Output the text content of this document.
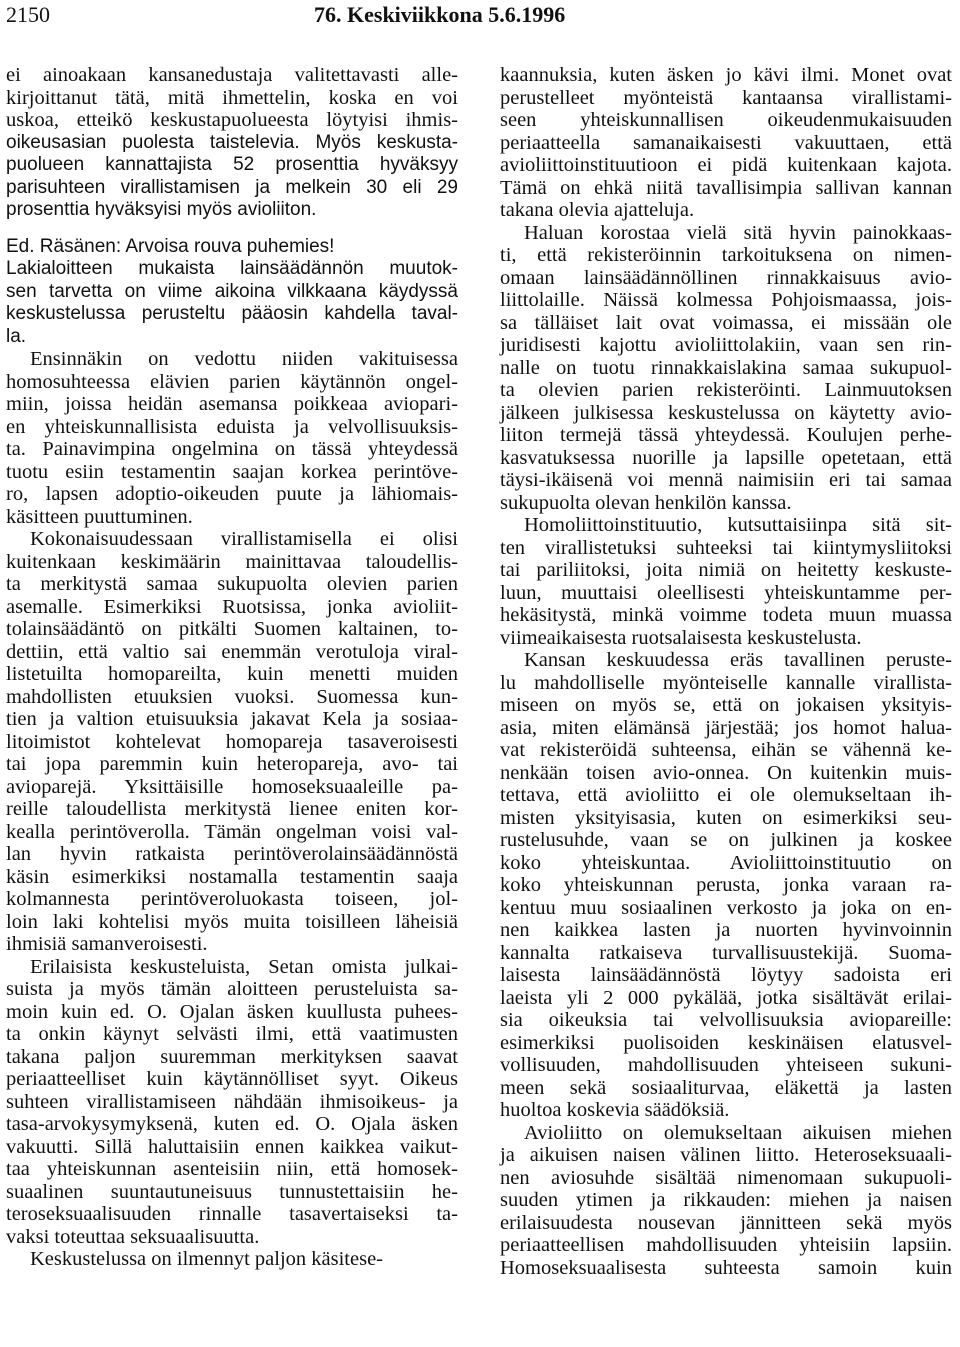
2150	76. Keskiviikkona 5.6.1996
ei ainoakaan kansanedustaja valitettavasti alle-
kirjoittanut tätä, mitä ihmettelin, koska en voi
uskoa, etteikö keskustapuolueesta löytyisi ihmis-
oikeusasian puolesta taistelevia. Myös keskusta-
puolueen kannattajista 52 prosenttia hyväksyy
parisuhteen virallistamisen ja melkein 30 eli 29
prosenttia hyväksyisi myös avioliiton.
Ed. Räsänen: Arvoisa rouva puhemies!
Lakialoitteen mukaista lainsäädännön muutok-
sen tarvetta on viime aikoina vilkkaana käydyssä
keskustelussa perusteltu pääosin kahdella taval-
la.
Ensinnäkin on vedottu niiden vakituisessa
homosuhteessa elävien parien käytännön ongel-
miin, joissa heidän asemansa poikkeaa aviopari-
en yhteiskunnallisista eduista ja velvollisuuksis-
ta. Painavimpina ongelmina on tässä yhteydessä
tuotu esiin testamentin saajan korkea perintöve-
ro, lapsen adoptio-oikeuden puute ja lähiomais-
käsitteen puuttuminen.
Kokonaisuudessaan virallistamisella ei olisi
kuitenkaan keskimäärin mainittavaa taloudellis-
ta merkitystä samaa sukupuolta olevien parien
asemalle. Esimerkiksi Ruotsissa, jonka avioliit-
tolainsäädäntö on pitkälti Suomen kaltainen, to-
dettiin, että valtio sai enemmän verotuloja viral-
listetuilta homopareilta, kuin menetti muiden
mahdollisten etuuksien vuoksi. Suomessa kun-
tien ja valtion etuisuuksia jakavat Kela ja sosiaa-
litoimistot kohtelevat homopareja tasaveroisesti
tai jopa paremmin kuin heteropareja, avo- tai
avioparejä. Yksittäisille homoseksuaaleille pa-
reille taloudellista merkitystä lienee eniten kor-
kealla perintöverolla. Tämän ongelman voisi val-
lan hyvin ratkaista perintöverolainsäädännöstä
käsin esimerkiksi nostamalla testamentin saaja
kolmannesta perintöveroluokasta toiseen, jol-
loin laki kohtelisi myös muita toisilleen läheisiä
ihmisiä samanveroisesti.
Erilaisista keskusteluista, Setan omista julkai-
suista ja myös tämän aloitteen perusteluista sa-
moin kuin ed. O. Ojalan äsken kuullusta puhees-
ta onkin käynyt selvästi ilmi, että vaatimusten
takana paljon suuremman merkityksen saavat
periaatteelliset kuin käytännölliset syyt. Oikeus
suhteen virallistamiseen nähdään ihmisoikeus- ja
tasa-arvokysymyksenä, kuten ed. O. Ojala äsken
vakuutti. Sillä haluttaisiin ennen kaikkea vaikut-
taa yhteiskunnan asenteisiin niin, että homosek-
suaalinen suuntautuneisuus tunnustettaisiin he-
teroseksuaalisuuden rinnalle tasavertaiseksi ta-
vaksi toteuttaa seksuaalisuutta.
Keskustelussa on ilmennyt paljon käsitese-
kaannuksia, kuten äsken jo kävi ilmi. Monet ovat
perustelleet myönteistä kantaansa virallistami-
seen yhteiskunnallisen oikeudenmukaisuuden
periaatteella samanaikaisesti vakuuttaen, että
avioliittoinstituutioon ei pidä kuitenkaan kajota.
Tämä on ehkä niitä tavallisimpia sallivan kannan
takana olevia ajatteluja.
Haluan korostaa vielä sitä hyvin painokkaas-
ti, että rekisteröinnin tarkoituksena on nimen-
omaan lainsäädännöllinen rinnakkaisuus avio-
liittolaille. Näissä kolmessa Pohjoismaassa, jois-
sa tälläiset lait ovat voimassa, ei missään ole
juridisesti kajottu avioliittolakiin, vaan sen rin-
nalle on tuotu rinnakkaislakina samaa sukupuol-
ta olevien parien rekisteröinti. Lainmuutoksen
jälkeen julkisessa keskustelussa on käytetty avio-
liiton termejä tässä yhteydessä. Koulujen perhe-
kasvatuksessa nuorille ja lapsille opetetaan, että
täysi-ikäisenä voi mennä naimisiin eri tai samaa
sukupuolta olevan henkilön kanssa.
Homoliittoinstituutio, kutsuttaisiinpa sitä sit-
ten virallistetuksi suhteeksi tai kiintymysliitoksi
tai pariliitoksi, joita nimiä on heitetty keskuste-
luun, muuttaisi oleellisesti yhteiskuntamme per-
hekäsitystä, minkä voimme todeta muun muassa
viimeaikaisesta ruotsalaisesta keskustelusta.
Kansan keskuudessa eräs tavallinen peruste-
lu mahdolliselle myönteiselle kannalle virallista-
miseen on myös se, että on jokaisen yksityis-
asia, miten elämänsä järjestää; jos homot halua-
vat rekisteröidä suhteensa, eihän se vähennä ke-
nenkään toisen avio-onnea. On kuitenkin muis-
tettava, että avioliitto ei ole olemukseltaan ih-
misten yksityisasia, kuten on esimerkiksi seu-
rustelusuhde, vaan se on julkinen ja koskee
koko yhteiskuntaa. Avioliittoinstituutio on
koko yhteiskunnan perusta, jonka varaan ra-
kentuu muu sosiaalinen verkosto ja joka on en-
nen kaikkea lasten ja nuorten hyvinvoinnin
kannalta ratkaiseva turvallisuustekijä. Suoma-
laisesta lainsäädännöstä löytyy sadoista eri
laeista yli 2 000 pykälää, jotka sisältävät erilai-
sia oikeuksia tai velvollisuuksia aviopareille:
esimerkiksi puolisoiden keskinäisen elatusvel-
vollisuuden, mahdollisuuden yhteiseen sukuni-
meen sekä sosiaaliturvaa, eläkettä ja lasten
huoltoa koskevia säädöksiä.
Avioliitto on olemukseltaan aikuisen miehen
ja aikuisen naisen välinen liitto. Heteroseksuaali-
nen aviosuhde sisältää nimenomaan sukupuoli-
suuden ytimen ja rikkauden: miehen ja naisen
erilaisuudesta nousevan jännitteen sekä myös
periaatteellisen mahdollisuuden yhteisiin lapsiin.
Homoseksuaalisesta suhteesta samoin kuin
